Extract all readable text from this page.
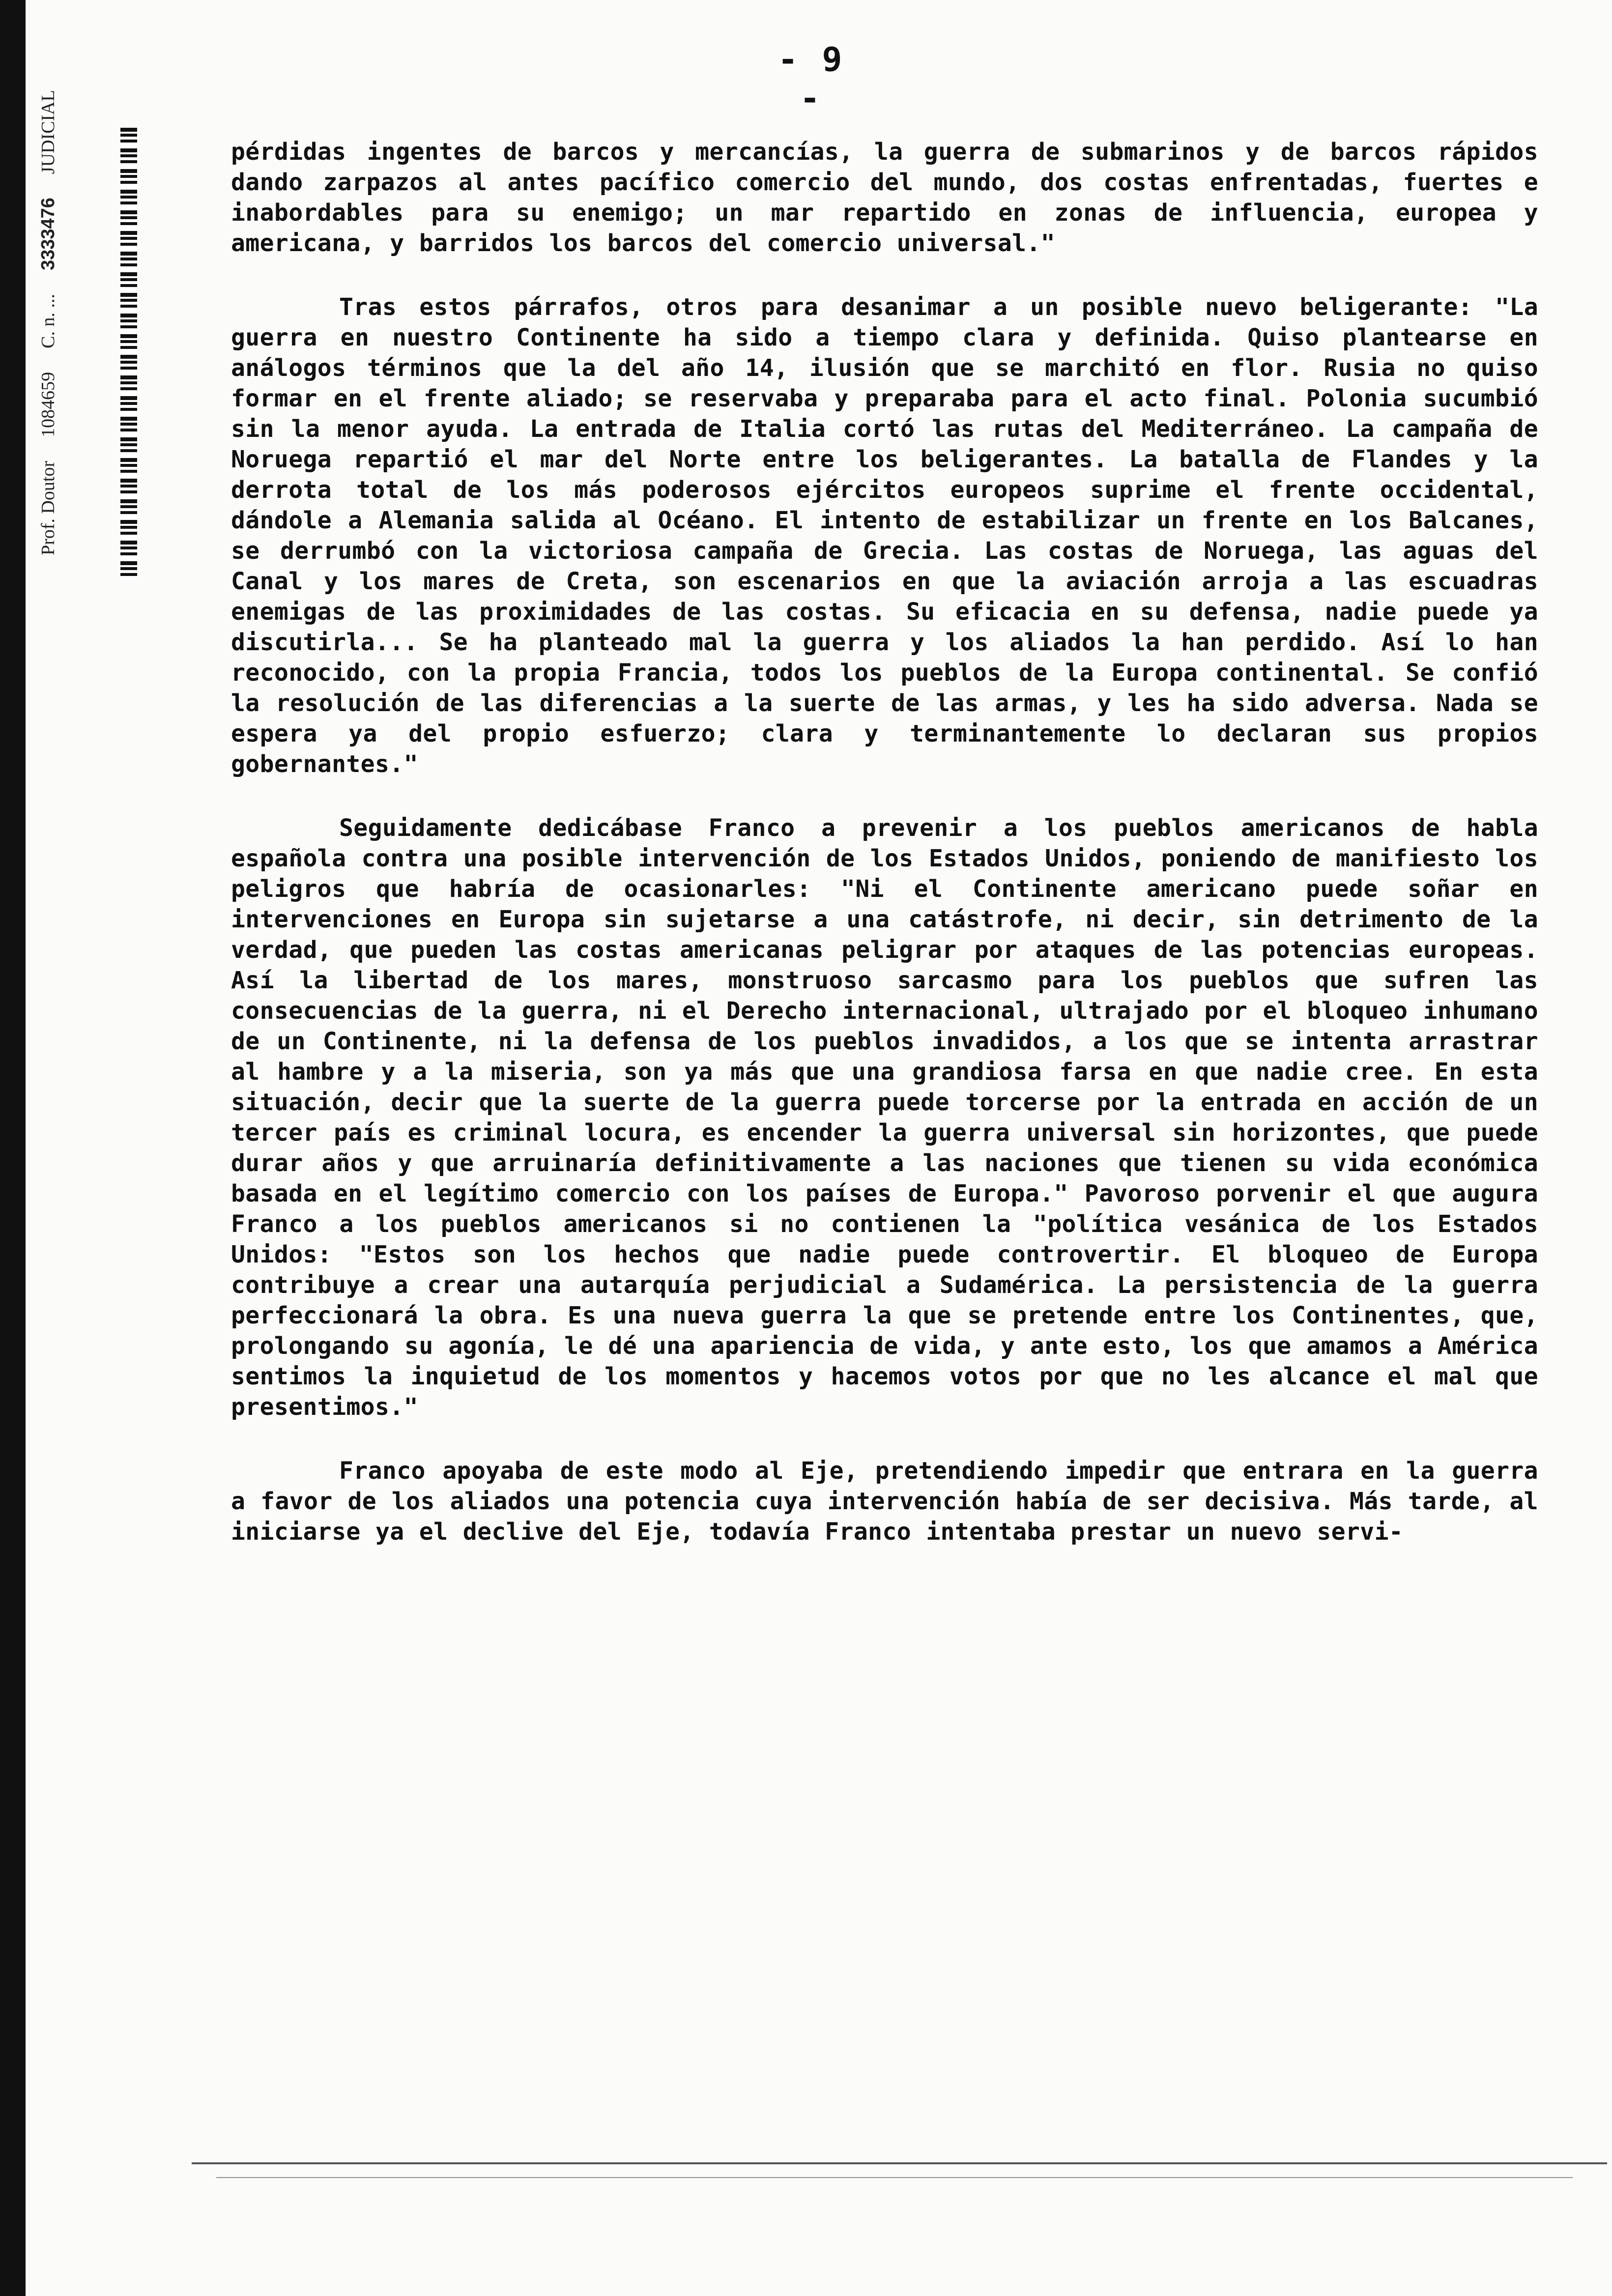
- 9 -
Prof. Doutor
1084659
C. n. ...
3333476
JUDICIAL	pérdidas ingentes de barcos y mercancías, la guerra de submarinos y de barcos rápidos dando zarpazos al antes pacífico comercio del mundo, dos costas enfrentadas, fuertes e inabordables para su enemigo; un mar repartido en zonas de influencia, europea y americana, y barridos los barcos del comercio universal."

Tras estos párrafos, otros para desanimar a un posible nuevo beligerante: "La guerra en nuestro Continente ha sido a tiempo clara y definida. Quiso plantearse en análogos términos que la del año 14, ilusión que se marchitó en flor. Rusia no quiso formar en el frente aliado; se reservaba y preparaba para el acto final. Polonia sucumbió sin la menor ayuda. La entrada de Italia cortó las rutas del Mediterráneo. La campaña de Noruega repartió el mar del Norte entre los beligerantes. La batalla de Flandes y la derrota total de los más poderosos ejércitos europeos suprime el frente occidental, dándole a Alemania salida al Océano. El intento de estabilizar un frente en los Balcanes, se derrumbó con la victoriosa campaña de Grecia. Las costas de Noruega, las aguas del Canal y los mares de Creta, son escenarios en que la aviación arroja a las escuadras enemigas de las proximidades de las costas. Su eficacia en su defensa, nadie puede ya discutirla... Se ha planteado mal la guerra y los aliados la han perdido. Así lo han reconocido, con la propia Francia, todos los pueblos de la Europa continental. Se confió la resolución de las diferencias a la suerte de las armas, y les ha sido adversa. Nada se espera ya del propio esfuerzo; clara y terminantemente lo declaran sus propios gobernantes."

Seguidamente dedicábase Franco a prevenir a los pueblos americanos de habla española contra una posible intervención de los Estados Unidos, poniendo de manifiesto los peligros que habría de ocasionarles: "Ni el Continente americano puede soñar en intervenciones en Europa sin sujetarse a una catástrofe, ni decir, sin detrimento de la verdad, que pueden las costas americanas peligrar por ataques de las potencias europeas. Así la libertad de los mares, monstruoso sarcasmo para los pueblos que sufren las consecuencias de la guerra, ni el Derecho internacional, ultrajado por el bloqueo inhumano de un Continente, ni la defensa de los pueblos invadidos, a los que se intenta arrastrar al hambre y a la miseria, son ya más que una grandiosa farsa en que nadie cree. En esta situación, decir que la suerte de la guerra puede torcerse por la entrada en acción de un tercer país es criminal locura, es encender la guerra universal sin horizontes, que puede durar años y que arruinaría definitivamente a las naciones que tienen su vida económica basada en el legítimo comercio con los países de Europa." Pavoroso porvenir el que augura Franco a los pueblos americanos si no contienen la "política vesánica de los Estados Unidos: "Estos son los hechos que nadie puede controvertir. El bloqueo de Europa contribuye a crear una autarquía perjudicial a Sudamérica. La persistencia de la guerra perfeccionará la obra. Es una nueva guerra la que se pretende entre los Continentes, que, prolongando su agonía, le dé una apariencia de vida, y ante esto, los que amamos a América sentimos la inquietud de los momentos y hacemos votos por que no les alcance el mal que presentimos."

Franco apoyaba de este modo al Eje, pretendiendo impedir que entrara en la guerra a favor de los aliados una potencia cuya intervención había de ser decisiva. Más tarde, al iniciarse ya el declive del Eje, todavía Franco intentaba prestar un nuevo servi-
